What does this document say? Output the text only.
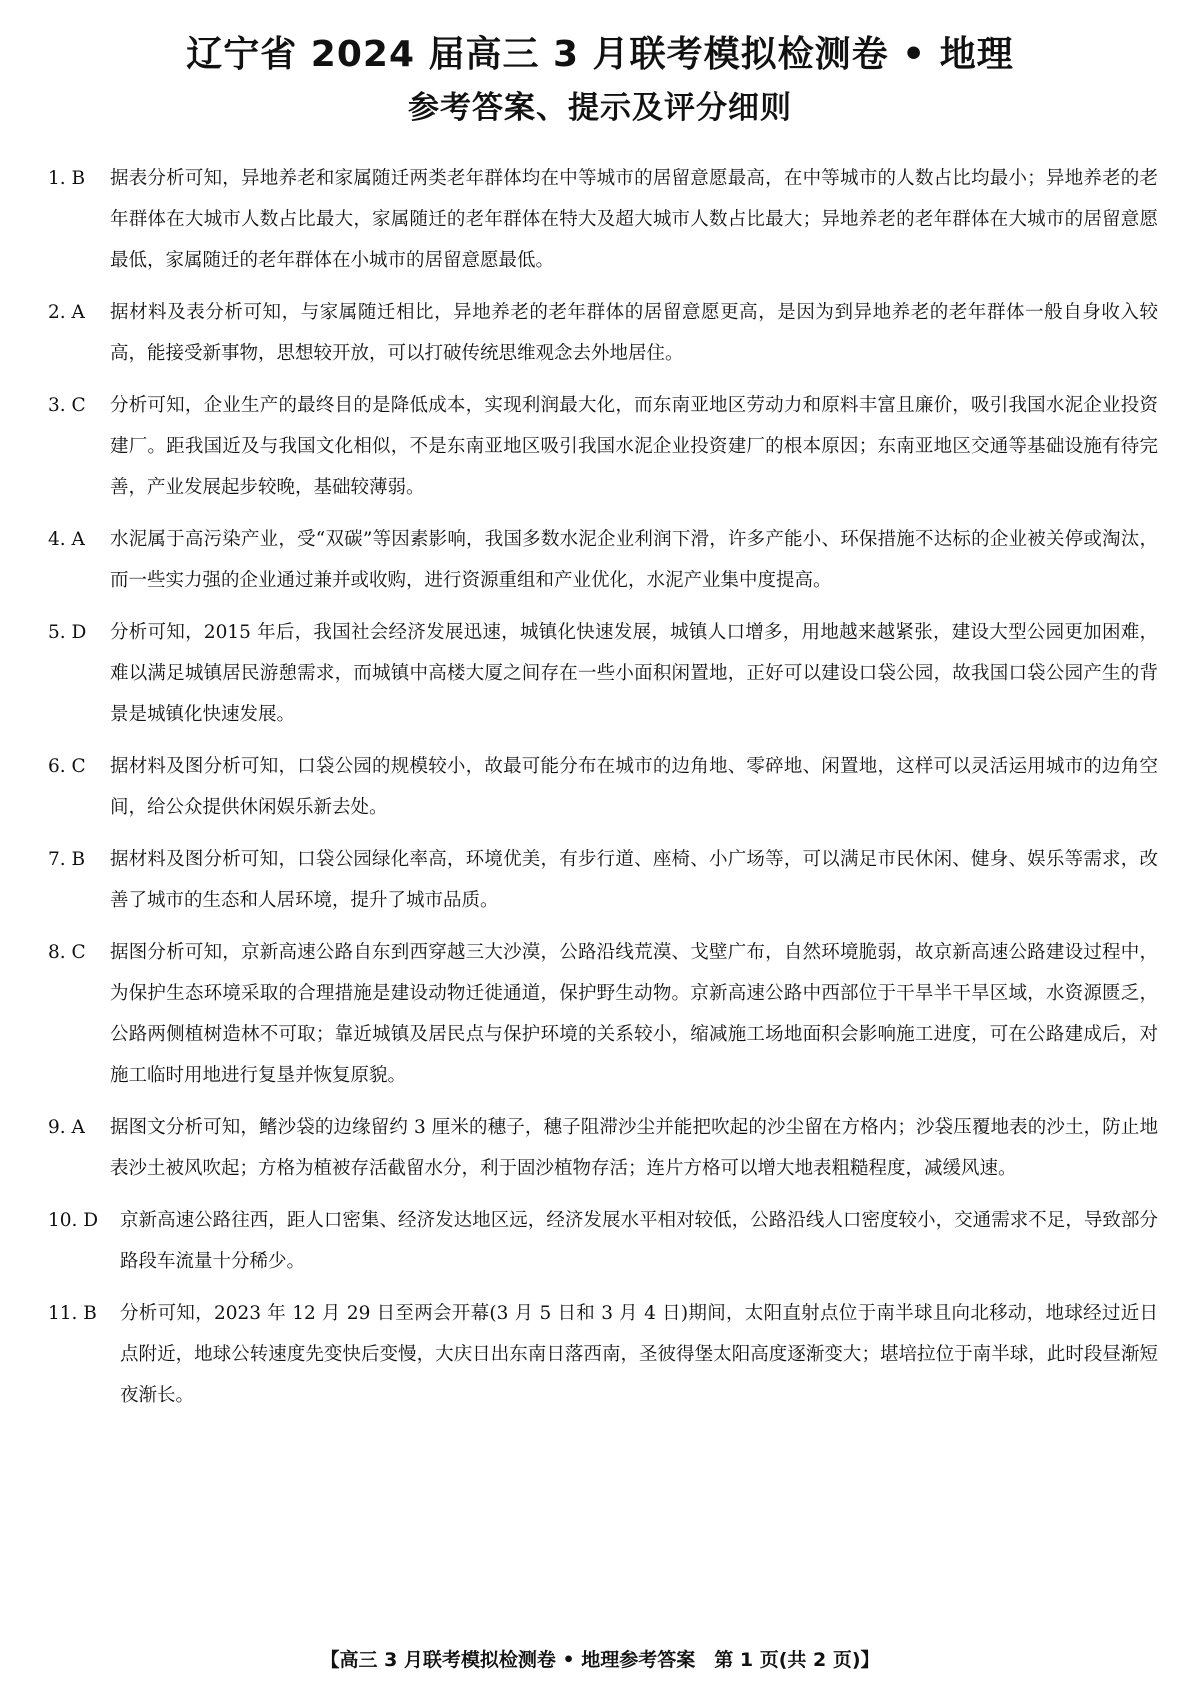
辽宁省 2024 届高三 3 月联考模拟检测卷 • 地理
参考答案、提示及评分细则
1. B 据表分析可知，异地养老和家属随迁两类老年群体均在中等城市的居留意愿最高，在中等城市的人数占比均最小；异地养老的老年群体在大城市人数占比最大，家属随迁的老年群体在特大及超大城市人数占比最大；异地养老的老年群体在大城市的居留意愿最低，家属随迁的老年群体在小城市的居留意愿最低。
2. A 据材料及表分析可知，与家属随迁相比，异地养老的老年群体的居留意愿更高，是因为到异地养老的老年群体一般自身收入较高，能接受新事物，思想较开放，可以打破传统思维观念去外地居住。
3. C 分析可知，企业生产的最终目的是降低成本，实现利润最大化，而东南亚地区劳动力和原料丰富且廉价，吸引我国水泥企业投资建厂。距我国近及与我国文化相似，不是东南亚地区吸引我国水泥企业投资建厂的根本原因；东南亚地区交通等基础设施有待完善，产业发展起步较晚，基础较薄弱。
4. A 水泥属于高污染产业，受“双碳”等因素影响，我国多数水泥企业利润下滑，许多产能小、环保措施不达标的企业被关停或淘汰，而一些实力强的企业通过兼并或收购，进行资源重组和产业优化，水泥产业集中度提高。
5. D 分析可知，2015 年后，我国社会经济发展迅速，城镇化快速发展，城镇人口增多，用地越来越紧张，建设大型公园更加困难，难以满足城镇居民游憩需求，而城镇中高楼大厦之间存在一些小面积闲置地，正好可以建设口袋公园，故我国口袋公园产生的背景是城镇化快速发展。
6. C 据材料及图分析可知，口袋公园的规模较小，故最可能分布在城市的边角地、零碎地、闲置地，这样可以灵活运用城市的边角空间，给公众提供休闲娱乐新去处。
7. B 据材料及图分析可知，口袋公园绿化率高，环境优美，有步行道、座椅、小广场等，可以满足市民休闲、健身、娱乐等需求，改善了城市的生态和人居环境，提升了城市品质。
8. C 据图分析可知，京新高速公路自东到西穿越三大沙漠，公路沿线荒漠、戈壁广布，自然环境脆弱，故京新高速公路建设过程中，为保护生态环境采取的合理措施是建设动物迁徙通道，保护野生动物。京新高速公路中西部位于干旱半干旱区域，水资源匮乏，公路两侧植树造林不可取；靠近城镇及居民点与保护环境的关系较小，缩减施工场地面积会影响施工进度，可在公路建成后，对施工临时用地进行复垦并恢复原貌。
9. A 据图文分析可知，鳍沙袋的边缘留约 3 厘米的穗子，穗子阻滞沙尘并能把吹起的沙尘留在方格内；沙袋压覆地表的沙土，防止地表沙土被风吹起；方格为植被存活截留水分，利于固沙植物存活；连片方格可以增大地表粗糙程度，减缓风速。
10. D 京新高速公路往西，距人口密集、经济发达地区远，经济发展水平相对较低，公路沿线人口密度较小，交通需求不足，导致部分路段车流量十分稀少。
11. B 分析可知，2023 年 12 月 29 日至两会开幕(3 月 5 日和 3 月 4 日)期间，太阳直射点位于南半球且向北移动，地球经过近日点附近，地球公转速度先变快后变慢，大庆日出东南日落西南，圣彼得堡太阳高度逐渐变大；堪培拉位于南半球，此时段昼渐短夜渐长。
【高三 3 月联考模拟检测卷 • 地理参考答案　第 1 页(共 2 页)】
